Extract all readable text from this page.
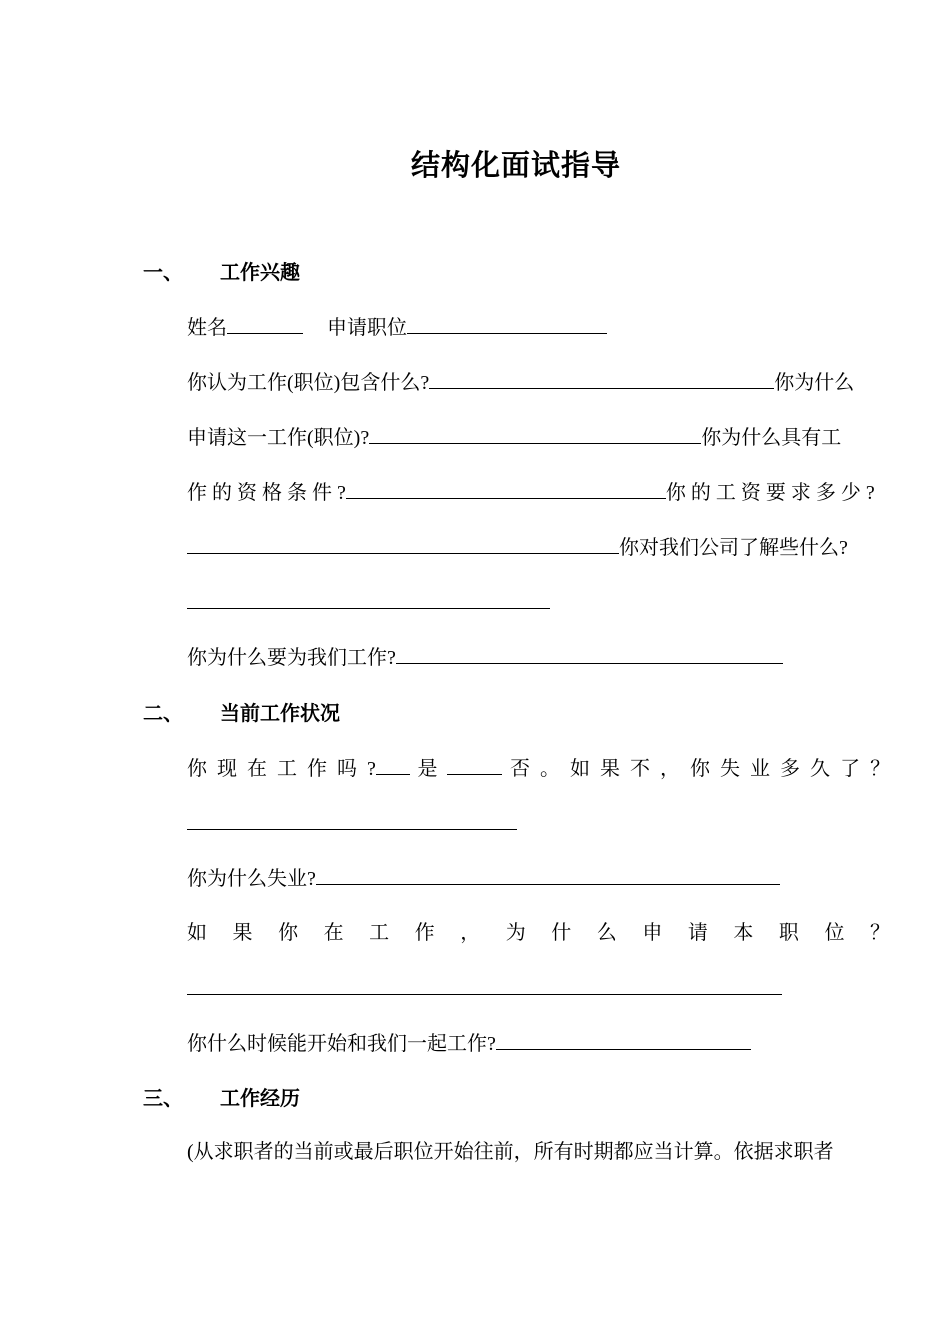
结构化面试指导
一、 工作兴趣
姓名	申请职位
你认为工作(职位)包含什么?	你为什么
申请这一工作(职位)?	你为什么具有工
作 的 资 格 条 件 ?	你 的 工 资 要 求 多 少 ?
你对我们公司了解些什么?
你为什么要为我们工作?
二、 当前工作状况
你 现 在 工 作 吗 ? 是	否 。 如 果 不 ， 你 失 业 多 久 了 ？
你为什么失业?
如 果 你 在 工 作 ， 为 什 么 申 请 本 职 位 ？
你什么时候能开始和我们一起工作?
三、 工作经历
(从求职者的当前或最后职位开始往前，所有时期都应当计算。依据求职者
